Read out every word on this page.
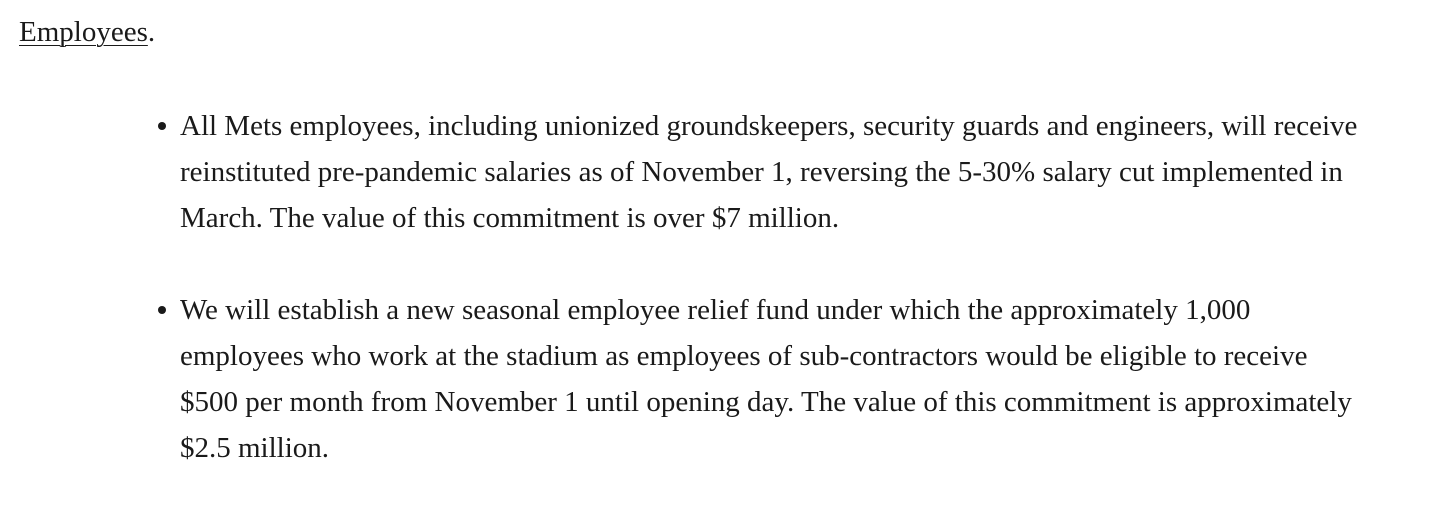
Employees.
All Mets employees, including unionized groundskeepers, security guards and engineers, will receive
reinstituted pre-pandemic salaries as of November 1, reversing the 5-30% salary cut implemented in
March. The value of this commitment is over $7 million.
We will establish a new seasonal employee relief fund under which the approximately 1,000
employees who work at the stadium as employees of sub-contractors would be eligible to receive
$500 per month from November 1 until opening day. The value of this commitment is approximately
$2.5 million.
